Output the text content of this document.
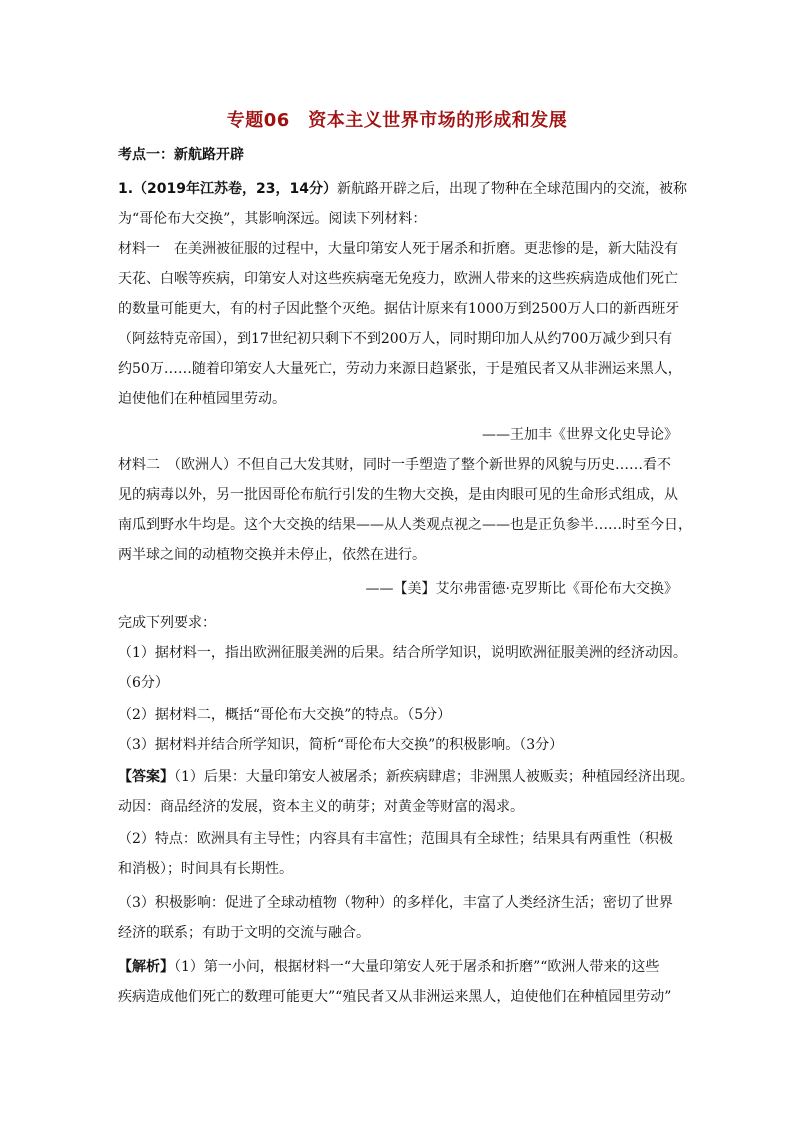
专题06　资本主义世界市场的形成和发展
考点一：新航路开辟
1.（2019年江苏卷，23，14分）新航路开辟之后，出现了物种在全球范围内的交流，被称
为“哥伦布大交换”，其影响深远。阅读下列材料：
材料一　在美洲被征服的过程中，大量印第安人死于屠杀和折磨。更悲惨的是，新大陆没有
天花、白喉等疾病，印第安人对这些疾病毫无免疫力，欧洲人带来的这些疾病造成他们死亡
的数量可能更大，有的村子因此整个灭绝。据估计原来有1000万到2500万人口的新西班牙
（阿兹特克帝国），到17世纪初只剩下不到200万人，同时期印加人从约700万减少到只有
约50万……随着印第安人大量死亡，劳动力来源日趋紧张，于是殖民者又从非洲运来黑人，
迫使他们在种植园里劳动。
——王加丰《世界文化史导论》
材料二　（欧洲人）不但自己大发其财，同时一手塑造了整个新世界的风貌与历史……看不
见的病毒以外，另一批因哥伦布航行引发的生物大交换，是由肉眼可见的生命形式组成，从
南瓜到野水牛均是。这个大交换的结果——从人类观点视之——也是正负参半……时至今日，
两半球之间的动植物交换并未停止，依然在进行。
——【美】艾尔弗雷德·克罗斯比《哥伦布大交换》
完成下列要求：
（1）据材料一，指出欧洲征服美洲的后果。结合所学知识，说明欧洲征服美洲的经济动因。
（6分）
（2）据材料二，概括“哥伦布大交换”的特点。（5分）
（3）据材料并结合所学知识，简析“哥伦布大交换”的积极影响。（3分）
【答案】（1）后果：大量印第安人被屠杀；新疾病肆虐；非洲黑人被贩卖；种植园经济出现。
动因：商品经济的发展，资本主义的萌芽；对黄金等财富的渴求。
（2）特点：欧洲具有主导性；内容具有丰富性；范围具有全球性；结果具有两重性（积极
和消极）；时间具有长期性。
（3）积极影响：促进了全球动植物（物种）的多样化，丰富了人类经济生活；密切了世界
经济的联系；有助于文明的交流与融合。
【解析】（1）第一小问，根据材料一“大量印第安人死于屠杀和折磨”“欧洲人带来的这些
疾病造成他们死亡的数理可能更大”“殖民者又从非洲运来黑人，迫使他们在种植园里劳动”
